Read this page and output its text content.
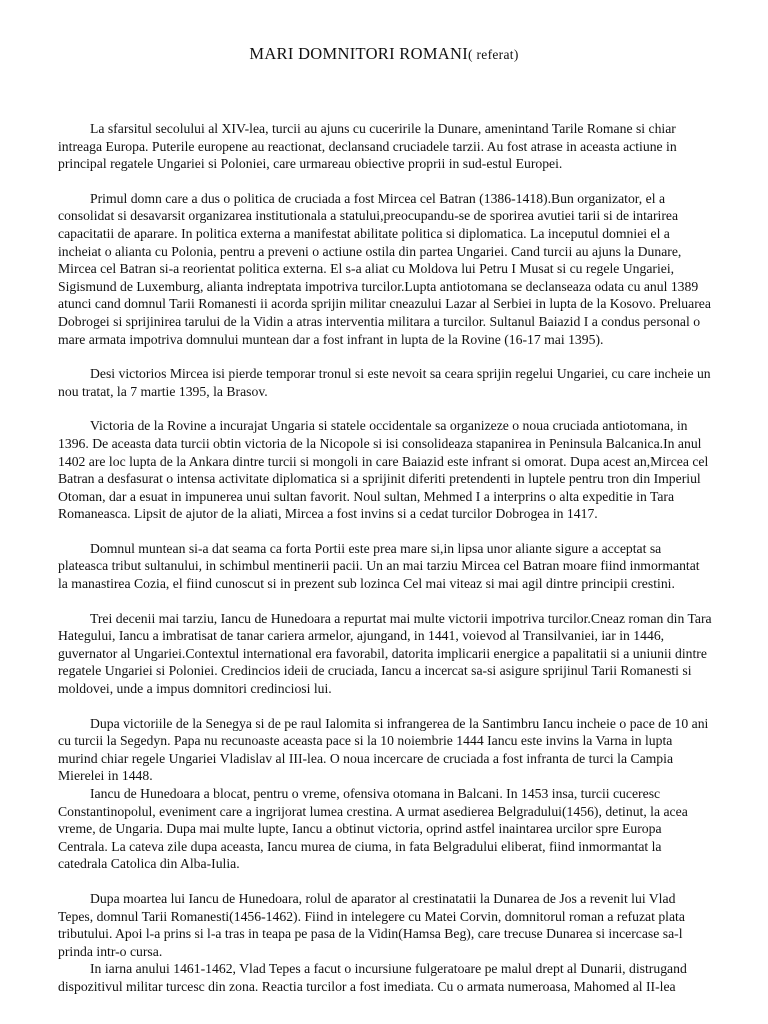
MARI DOMNITORI ROMANI( referat)

La sfarsitul secolului al XIV-lea, turcii au ajuns cu cuceririle la Dunare, amenintand Tarile Romane si chiar intreaga Europa. Puterile europene au reactionat, declansand cruciadele tarzii. Au fost atrase in aceasta actiune in principal regatele Ungariei si Poloniei, care urmareau obiective proprii in sud-estul Europei.

Primul domn care a dus o politica de cruciada a fost Mircea cel Batran (1386-1418).Bun organizator, el a consolidat si desavarsit organizarea institutionala a statului,preocupandu-se de sporirea avutiei tarii si de intarirea capacitatii de aparare. In politica externa a manifestat abilitate politica si diplomatica. La inceputul domniei el a incheiat o alianta cu Polonia, pentru a preveni o actiune ostila din partea Ungariei. Cand turcii au ajuns la Dunare, Mircea cel Batran si-a reorientat politica externa. El s-a aliat cu Moldova lui Petru I Musat si cu regele Ungariei, Sigismund de Luxemburg, alianta indreptata impotriva turcilor.Lupta antiotomana se declanseaza odata cu anul 1389 atunci cand domnul Tarii Romanesti ii acorda sprijin militar cneazului Lazar al Serbiei in lupta de la Kosovo. Preluarea Dobrogei si sprijinirea tarului de la Vidin a atras interventia militara a turcilor. Sultanul Baiazid I a condus personal o mare armata impotriva domnului muntean dar a fost infrant in lupta de la Rovine (16-17 mai 1395).

Desi victorios Mircea isi pierde temporar tronul si este nevoit sa ceara sprijin regelui Ungariei, cu care incheie un nou tratat, la 7 martie 1395, la Brasov.

Victoria de la Rovine a incurajat Ungaria si statele occidentale sa organizeze o noua cruciada antiotomana, in 1396. De aceasta data turcii obtin victoria de la Nicopole si isi consolideaza stapanirea in Peninsula Balcanica.In anul 1402 are loc lupta de la Ankara dintre turcii si mongoli in care Baiazid este infrant si omorat. Dupa acest an,Mircea cel Batran a desfasurat o intensa activitate diplomatica si a sprijinit diferiti pretendenti in luptele pentru tron din Imperiul Otoman, dar a esuat in impunerea unui sultan favorit. Noul sultan, Mehmed I a interprins o alta expeditie in Tara Romaneasca. Lipsit de ajutor de la aliati, Mircea a fost invins si a cedat turcilor Dobrogea in 1417.

Domnul muntean si-a dat seama ca forta Portii este prea mare si,in lipsa unor aliante sigure a acceptat sa plateasca tribut sultanului, in schimbul mentinerii pacii. Un an mai tarziu Mircea cel Batran moare fiind inmormantat la manastirea Cozia, el fiind cunoscut si in prezent sub lozinca Cel mai viteaz si mai agil dintre principii crestini.

Trei decenii mai tarziu, Iancu de Hunedoara a repurtat mai multe victorii impotriva turcilor.Cneaz roman din Tara Hategului, Iancu a imbratisat de tanar cariera armelor, ajungand, in 1441, voievod al Transilvaniei, iar in 1446, guvernator al Ungariei.Contextul international era favorabil, datorita implicarii energice a papalitatii si a uniunii dintre regatele Ungariei si Poloniei. Credincios ideii de cruciada, Iancu a incercat sa-si asigure sprijinul Tarii Romanesti si moldovei, unde a impus domnitori credinciosi lui.

Dupa victoriile de la Senegya si de pe raul Ialomita si infrangerea de la Santimbru Iancu incheie o pace de 10 ani cu turcii la Segedyn. Papa nu recunoaste aceasta pace si la 10 noiembrie 1444 Iancu este invins la Varna in lupta murind chiar regele Ungariei Vladislav al III-lea. O noua incercare de cruciada a fost infranta de turci la Campia Mierelei in 1448.

Iancu de Hunedoara a blocat, pentru o vreme, ofensiva otomana in Balcani. In 1453 insa, turcii cuceresc Constantinopolul, eveniment care a ingrijorat lumea crestina. A urmat asedierea Belgradului(1456), detinut, la acea vreme, de Ungaria. Dupa mai multe lupte, Iancu a obtinut victoria, oprind astfel inaintarea urcilor spre Europa Centrala. La cateva zile dupa aceasta, Iancu murea de ciuma, in fata Belgradului eliberat, fiind inmormantat la catedrala Catolica din Alba-Iulia.

Dupa moartea lui Iancu de Hunedoara, rolul de aparator al crestinatatii la Dunarea de Jos a revenit lui Vlad Tepes, domnul Tarii Romanesti(1456-1462). Fiind in intelegere cu Matei Corvin, domnitorul roman a refuzat plata tributului. Apoi l-a prins si l-a tras in teapa pe pasa de la Vidin(Hamsa Beg), care trecuse Dunarea si incercase sa-l prinda intr-o cursa.

In iarna anului 1461-1462, Vlad Tepes a facut o incursiune fulgeratoare pe malul drept al Dunarii, distrugand dispozitivul militar turcesc din zona. Reactia turcilor a fost imediata. Cu o armata numeroasa, Mahomed al II-lea
